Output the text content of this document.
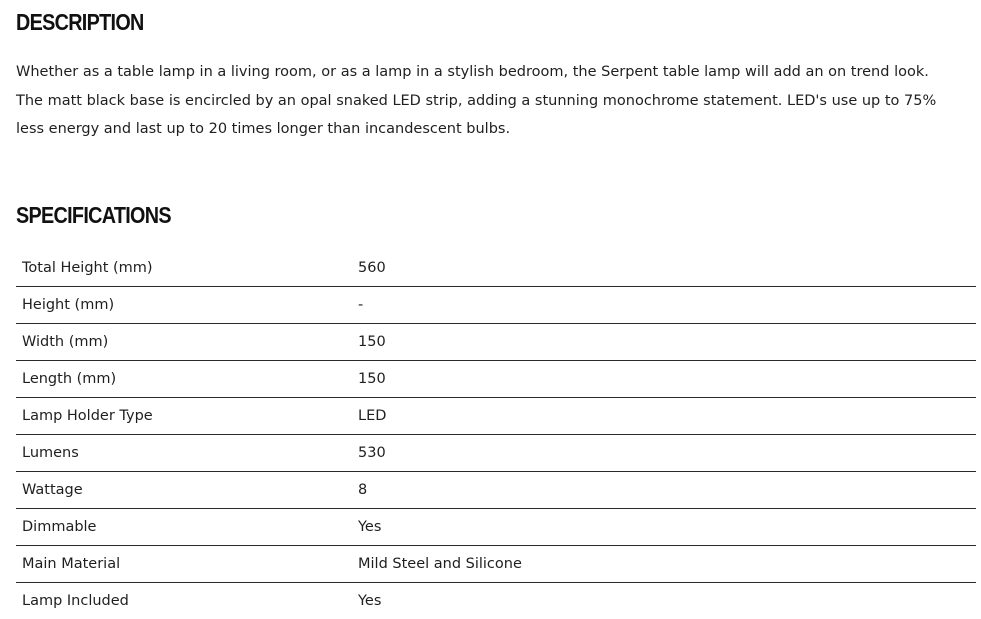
DESCRIPTION

Whether as a table lamp in a living room, or as a lamp in a stylish bedroom, the Serpent table lamp will add an on trend look.
The matt black base is encircled by an opal snaked LED strip, adding a stunning monochrome statement. LED's use up to 75%
less energy and last up to 20 times longer than incandescent bulbs.

SPECIFICATIONS
Total Height (mm)	560
Height (mm)	-
Width (mm)	150
Length (mm)	150
Lamp Holder Type	LED
Lumens	530
Wattage	8
Dimmable	Yes
Main Material	Mild Steel and Silicone
Lamp Included	Yes
